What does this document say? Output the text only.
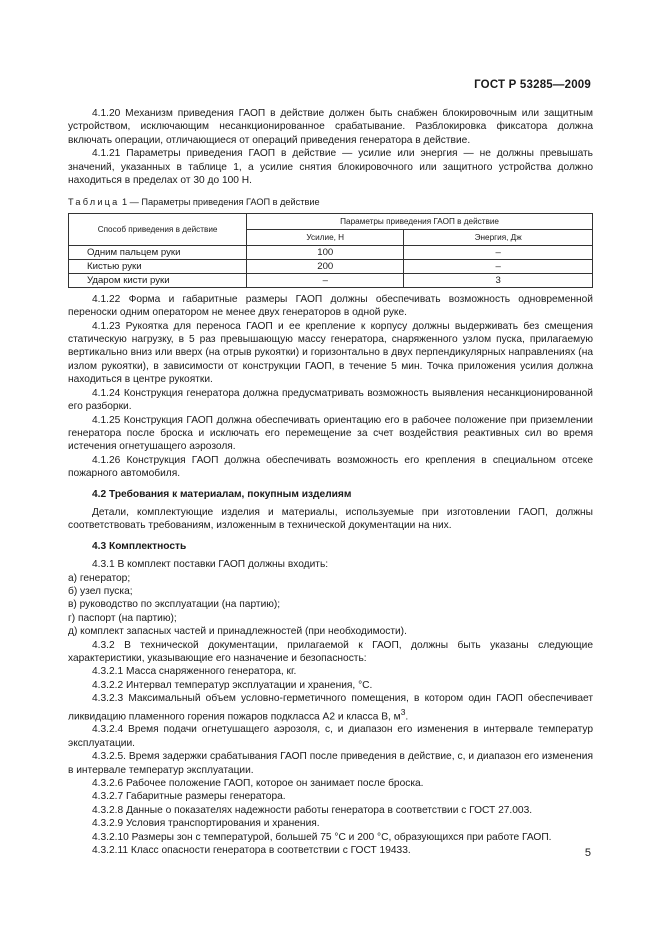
ГОСТ Р 53285—2009

4.1.20 Механизм приведения ГАОП в действие должен быть снабжен блокировочным или защитным устройством, исключающим несанкционированное срабатывание. Разблокировка фиксатора должна включать операции, отличающиеся от операций приведения генератора в действие.

4.1.21 Параметры приведения ГАОП в действие — усилие или энергия — не должны превышать значений, указанных в таблице 1, а усилие снятия блокировочного или защитного устройства должно находиться в пределах от 30 до 100 Н.

Таблица 1 — Параметры приведения ГАОП в действие
Способ приведения в действие	Параметры приведения ГАОП в действие	
	Усилие, Н	Энергия, Дж
Одним пальцем руки	100	–
Кистью руки	200	–
Ударом кисти руки	–	3

4.1.22 Форма и габаритные размеры ГАОП должны обеспечивать возможность одновременной переноски одним оператором не менее двух генераторов в одной руке.

4.1.23 Рукоятка для переноса ГАОП и ее крепление к корпусу должны выдерживать без смещения статическую нагрузку, в 5 раз превышающую массу генератора, снаряженного узлом пуска, прилагаемую вертикально вниз или вверх (на отрыв рукоятки) и горизонтально в двух перпендикулярных направлениях (на излом рукоятки), в зависимости от конструкции ГАОП, в течение 5 мин. Точка приложения усилия должна находиться в центре рукоятки.

4.1.24 Конструкция генератора должна предусматривать возможность выявления несанкционированной его разборки.

4.1.25 Конструкция ГАОП должна обеспечивать ориентацию его в рабочее положение при приземлении генератора после броска и исключать его перемещение за счет воздействия реактивных сил во время истечения огнетушащего аэрозоля.

4.1.26 Конструкция ГАОП должна обеспечивать возможность его крепления в специальном отсеке пожарного автомобиля.

4.2 Требования к материалам, покупным изделиям

Детали, комплектующие изделия и материалы, используемые при изготовлении ГАОП, должны соответствовать требованиям, изложенным в технической документации на них.

4.3 Комплектность

4.3.1 В комплект поставки ГАОП должны входить:

а) генератор;
б) узел пуска;
в) руководство по эксплуатации (на партию);
г) паспорт (на партию);
д) комплект запасных частей и принадлежностей (при необходимости).

4.3.2 В технической документации, прилагаемой к ГАОП, должны быть указаны следующие характеристики, указывающие его назначение и безопасность:

4.3.2.1 Масса снаряженного генератора, кг.

4.3.2.2 Интервал температур эксплуатации и хранения, °С.

4.3.2.3 Максимальный объем условно-герметичного помещения, в котором один ГАОП обеспечивает ликвидацию пламенного горения пожаров подкласса А2 и класса В, $м^3$.

4.3.2.4 Время подачи огнетушащего аэрозоля, с, и диапазон его изменения в интервале температур эксплуатации.

4.3.2.5. Время задержки срабатывания ГАОП после приведения в действие, с, и диапазон его изменения в интервале температур эксплуатации.

4.3.2.6 Рабочее положение ГАОП, которое он занимает после броска.

4.3.2.7 Габаритные размеры генератора.

4.3.2.8 Данные о показателях надежности работы генератора в соответствии с ГОСТ 27.003.

4.3.2.9 Условия транспортирования и хранения.

4.3.2.10 Размеры зон с температурой, большей 75 °С и 200 °С, образующихся при работе ГАОП.

4.3.2.11 Класс опасности генератора в соответствии с ГОСТ 19433.	5
